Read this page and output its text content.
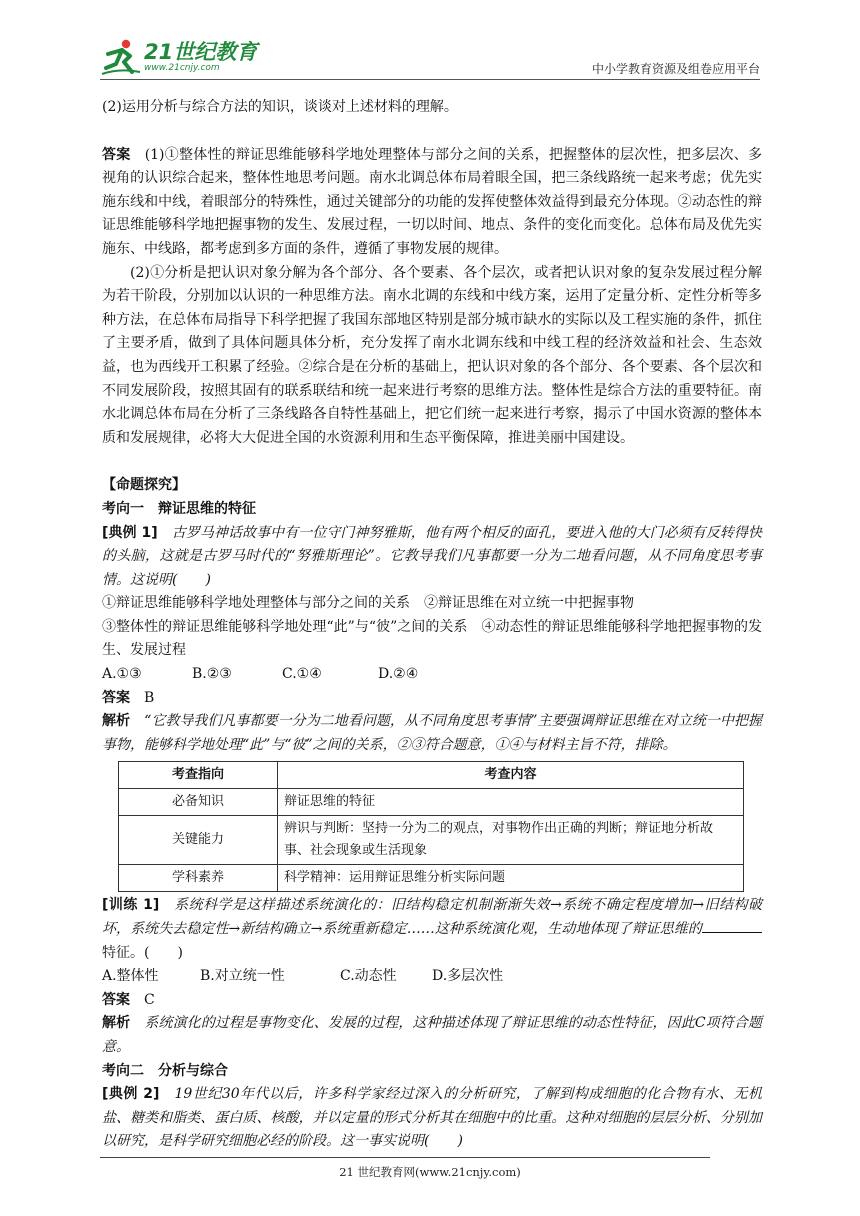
21世纪教育
www.21cnjy.com	中小学教育资源及组卷应用平台

(2)运用分析与综合方法的知识，谈谈对上述材料的理解。

答案　 (1)①整体性的辩证思维能够科学地处理整体与部分之间的关系，把握整体的层次性，把多层次、多视角的认识综合起来，整体性地思考问题。南水北调总体布局着眼全国，把三条线路统一起来考虑；优先实施东线和中线，着眼部分的特殊性，通过关键部分的功能的发挥使整体效益得到最充分体现。②动态性的辩证思维能够科学地把握事物的发生、发展过程，一切以时间、地点、条件的变化而变化。总体布局及优先实施东、中线路，都考虑到多方面的条件，遵循了事物发展的规律。

(2)①分析是把认识对象分解为各个部分、各个要素、各个层次，或者把认识对象的复杂发展过程分解为若干阶段，分别加以认识的一种思维方法。南水北调的东线和中线方案，运用了定量分析、定性分析等多种方法，在总体布局指导下科学把握了我国东部地区特别是部分城市缺水的实际以及工程实施的条件，抓住了主要矛盾，做到了具体问题具体分析，充分发挥了南水北调东线和中线工程的经济效益和社会、生态效益，也为西线开工积累了经验。②综合是在分析的基础上，把认识对象的各个部分、各个要素、各个层次和不同发展阶段，按照其固有的联系联结和统一起来进行考察的思维方法。整体性是综合方法的重要特征。南水北调总体布局在分析了三条线路各自特性基础上，把它们统一起来进行考察，揭示了中国水资源的整体本质和发展规律，必将大大促进全国的水资源利用和生态平衡保障，推进美丽中国建设。

【命题探究】

考向一　辩证思维的特征

[典例 1]　 古罗马神话故事中有一位守门神努雅斯，他有两个相反的面孔，要进入他的大门必须有反转得快的头脑，这就是古罗马时代的“努雅斯理论”。它教导我们凡事都要一分为二地看问题，从不同角度思考事情。这说明(　　)

①辩证思维能够科学地处理整体与部分之间的关系　 ②辩证思维在对立统一中把握事物

③整体性的辩证思维能够科学地处理“此”与“彼”之间的关系　 ④动态性的辩证思维能够科学地把握事物的发生、发展过程

A.①③	B.②③	C.①④	D.②④

答案　 B

解析　 “它教导我们凡事都要一分为二地看问题，从不同角度思考事情”主要强调辩证思维在对立统一中把握事物，能够科学地处理“此”与“彼”之间的关系，②③符合题意，①④与材料主旨不符，排除。

考查指向	考查内容
必备知识	辩证思维的特征
关键能力	辨识与判断：坚持一分为二的观点，对事物作出正确的判断；辩证地分析故事、社会现象或生活现象
学科素养	科学精神：运用辩证思维分析实际问题

[训练 1]　 系统科学是这样描述系统演化的：旧结构稳定机制渐渐失效→系统不确定程度增加→旧结构破坏，系统失去稳定性→新结构确立→系统重新稳定……这种系统演化观，生动地体现了辩证思维的特征。(　　)

A.整体性	B.对立统一性	C.动态性	D.多层次性

答案　 C

解析　 系统演化的过程是事物变化、发展的过程，这种描述体现了辩证思维的动态性特征，因此C项符合题意。

考向二　分析与综合

[典例 2]　 19世纪30年代以后，许多科学家经过深入的分析研究，了解到构成细胞的化合物有水、无机盐、糖类和脂类、蛋白质、核酸，并以定量的形式分析其在细胞中的比重。这种对细胞的层层分析、分别加以研究，是科学研究细胞必经的阶段。这一事实说明(　　)

21 世纪教育网(www.21cnjy.com)
